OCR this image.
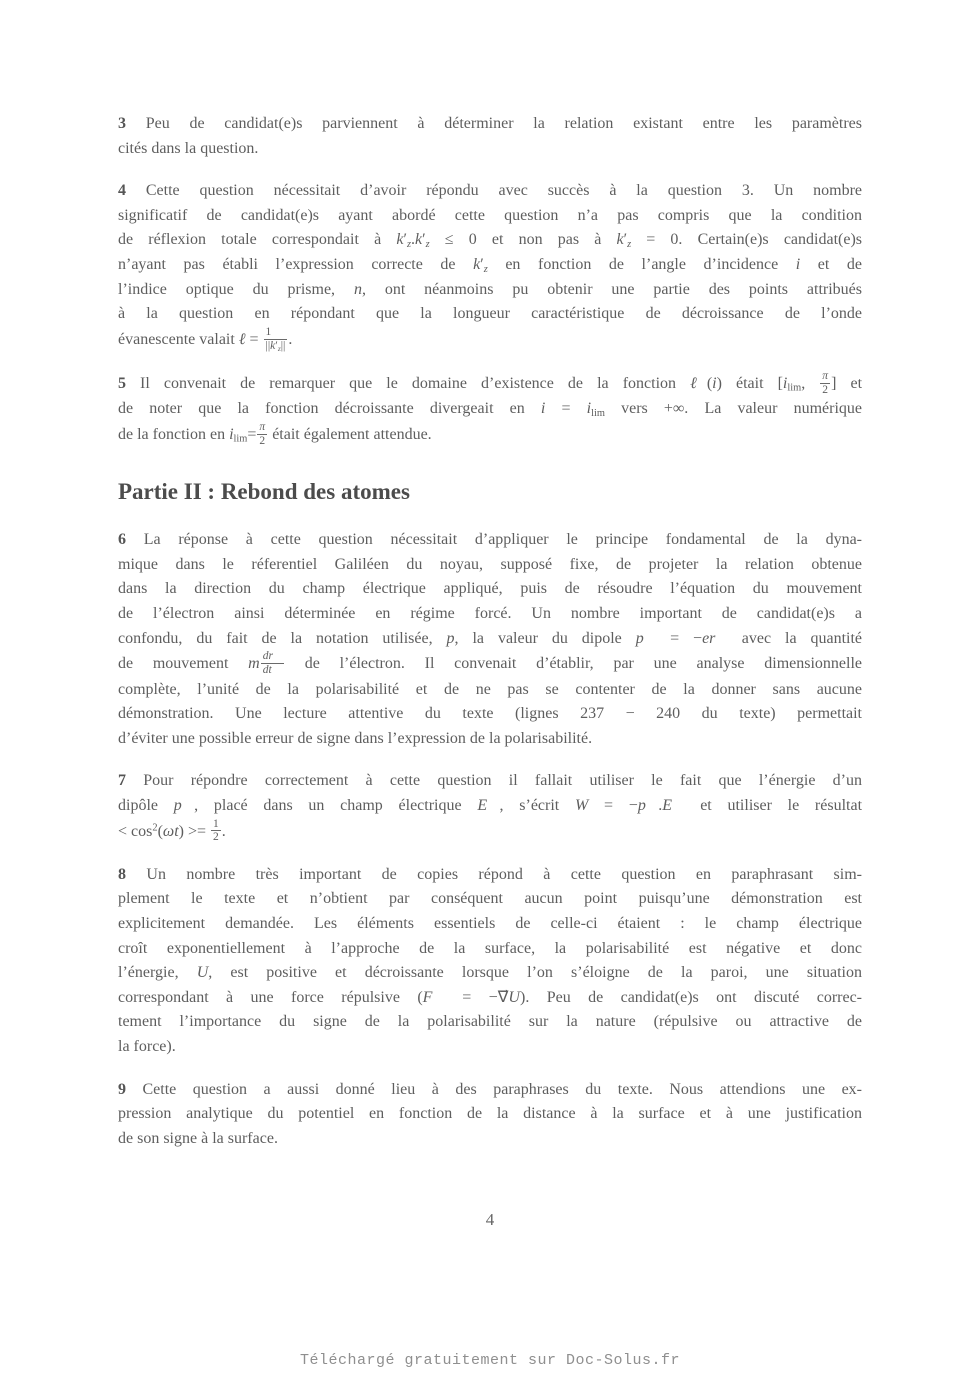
3 Peu de candidat(e)s parviennent à déterminer la relation existant entre les paramètres
cités dans la question.
4 Cette question nécessitait d’avoir répondu avec succès à la question 3. Un nombre
significatif de candidat(e)s ayant abordé cette question n’a pas compris que la condition
de réflexion totale correspondait à k′z.k′z ≤ 0 et non pas à k′z = 0. Certain(e)s candidat(e)s
n’ayant pas établi l’expression correcte de k′z en fonction de l’angle d’incidence i et de
l’indice optique du prisme, n, ont néanmoins pu obtenir une partie des points attribués
à la question en répondant que la longueur caractéristique de décroissance de l’onde
évanescente valait ℓ = $\frac{1}{||k'z||}$ .
5 Il convenait de remarquer que le domaine d’existence de la fonction ℓ(i) était [ilim, $\frac{\pi}{2}$ ] et
de noter que la fonction décroissante divergeait en i = ilim vers +∞. La valeur numérique
de la fonction en $ilim= \frac{\pi}{2}$ était également attendue.
Partie II : Rebond des atomes
6 La réponse à cette question nécessitait d’appliquer le principe fondamental de la dyna-
mique dans le réferentiel Galiléen du noyau, supposé fixe, de projeter la relation obtenue
dans la direction du champ électrique appliqué, puis de résoudre l’équation du mouvement
de l’électron ainsi déterminée en régime forcé. Un nombre important de candidat(e)s a
confondu, du fait de la notation utilisée, p, la valeur du dipole p⃗ = −er⃗ avec la quantité
de mouvement m $\frac{dr⃗}{dt}$ de l’électron. Il convenait d’établir, par une analyse dimensionnelle
complète, l’unité de la polarisabilité et de ne pas se contenter de la donner sans aucune
démonstration. Une lecture attentive du texte (lignes 237 − 240 du texte) permettait
d’éviter une possible erreur de signe dans l’expression de la polarisabilité.
7 Pour répondre correctement à cette question il fallait utiliser le fait que l’énergie d’un
dipôle p⃗, placé dans un champ électrique E⃗, s’écrit W = −p⃗.E⃗ et utiliser le résultat
< $\cos^2(\omega t) >= \frac{1}{2}$ .
8 Un nombre très important de copies répond à cette question en paraphrasant sim-
plement le texte et n’obtient par conséquent aucun point puisqu’une démonstration est
explicitement demandée. Les éléments essentiels de celle-ci étaient : le champ électrique
croît exponentiellement à l’approche de la surface, la polarisabilité est négative et donc
l’énergie, U, est positive et décroissante lorsque l’on s’éloigne de la paroi, une situation
correspondant à une force répulsive (F⃗ = −∇⃗U). Peu de candidat(e)s ont discuté correc-
tement l’importance du signe de la polarisabilité sur la nature (répulsive ou attractive de
la force).
9 Cette question a aussi donné lieu à des paraphrases du texte. Nous attendions une ex-
pression analytique du potentiel en fonction de la distance à la surface et à une justification
de son signe à la surface.
4
Téléchargé gratuitement sur Doc-Solus.fr
